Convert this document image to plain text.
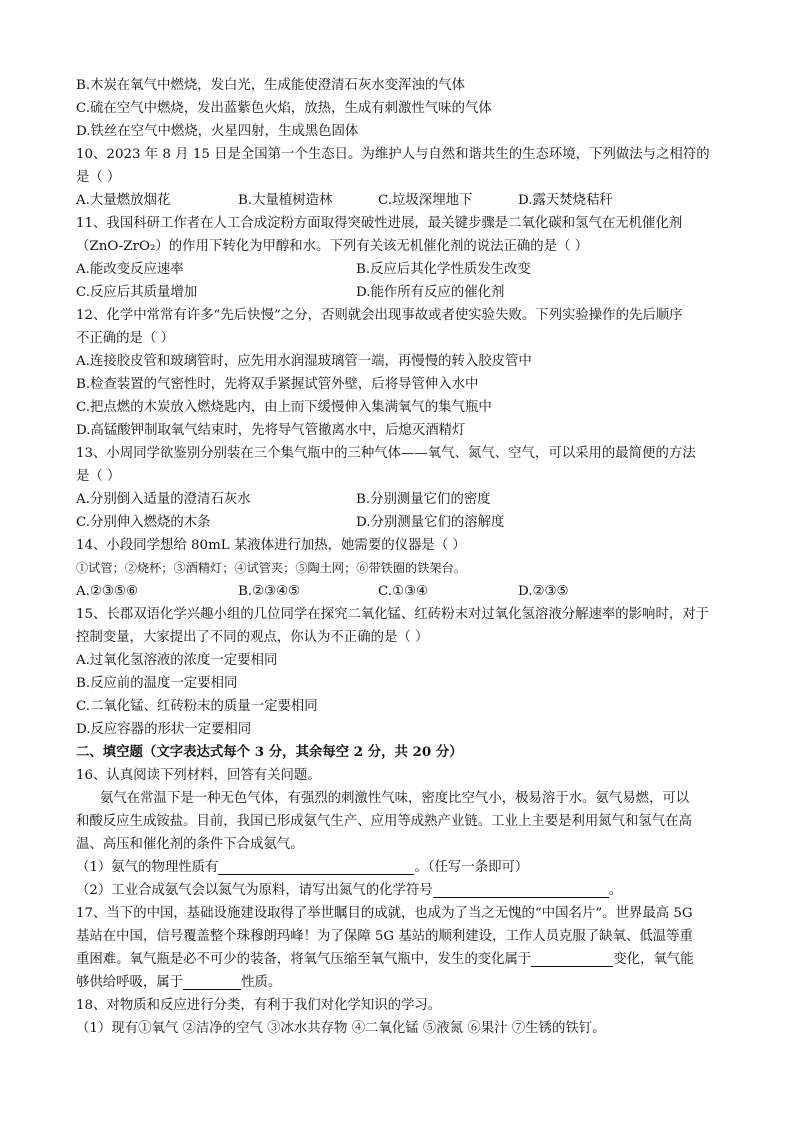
B.木炭在氧气中燃烧，发白光，生成能使澄清石灰水变浑浊的气体
C.硫在空气中燃烧，发出蓝紫色火焰，放热，生成有刺激性气味的气体
D.铁丝在空气中燃烧，火星四射，生成黑色固体
10、2023 年 8 月 15 日是全国第一个生态日。为维护人与自然和谐共生的生态环境，下列做法与之相符的
是（ ）
A.大量燃放烟花	B.大量植树造林	C.垃圾深埋地下	D.露天焚烧秸秆
11、我国科研工作者在人工合成淀粉方面取得突破性进展，最关键步骤是二氧化碳和氢气在无机催化剂
（ZnO-ZrO₂）的作用下转化为甲醇和水。下列有关该无机催化剂的说法正确的是（ ）
A.能改变反应速率	B.反应后其化学性质发生改变
C.反应后其质量增加	D.能作所有反应的催化剂
12、化学中常常有许多“先后快慢”之分，否则就会出现事故或者使实验失败。下列实验操作的先后顺序
不正确的是（ ）
A.连接胶皮管和玻璃管时，应先用水润湿玻璃管一端，再慢慢的转入胶皮管中
B.检查装置的气密性时，先将双手紧握试管外壁，后将导管伸入水中
C.把点燃的木炭放入燃烧匙内，由上而下缓慢伸入集满氧气的集气瓶中
D.高锰酸钾制取氧气结束时，先将导气管撤离水中，后熄灭酒精灯
13、小周同学欲鉴别分别装在三个集气瓶中的三种气体——氧气、氮气、空气，可以采用的最简便的方法
是（ ）
A.分别倒入适量的澄清石灰水	B.分别测量它们的密度
C.分别伸入燃烧的木条	D.分别测量它们的溶解度
14、小段同学想给 80mL 某液体进行加热，她需要的仪器是（ ）
①试管；②烧杯；③酒精灯；④试管夹；⑤陶土网；⑥带铁圈的铁架台。
A.②③⑤⑥	B.②③④⑤	C.①③④	D.②③⑤
15、长郡双语化学兴趣小组的几位同学在探究二氧化锰、红砖粉末对过氧化氢溶液分解速率的影响时，对于
控制变量，大家提出了不同的观点，你认为不正确的是（ ）
A.过氧化氢溶液的浓度一定要相同
B.反应前的温度一定要相同
C.二氧化锰、红砖粉末的质量一定要相同
D.反应容器的形状一定要相同
二、填空题（文字表达式每个 3 分，其余每空 2 分，共 20 分）
16、认真阅读下列材料，回答有关问题。
氨气在常温下是一种无色气体，有强烈的刺激性气味，密度比空气小，极易溶于水。氨气易燃，可以
和酸反应生成铵盐。目前，我国已形成氨气生产、应用等成熟产业链。工业上主要是利用氮气和氢气在高
温、高压和催化剂的条件下合成氨气。
（1）氨气的物理性质有	。（任写一条即可）
（2）工业合成氨气会以氮气为原料，请写出氮气的化学符号	。
17、当下的中国，基础设施建设取得了举世瞩目的成就，也成为了当之无愧的“中国名片”。世界最高 5G
基站在中国，信号覆盖整个珠穆朗玛峰！为了保障 5G 基站的顺利建设，工作人员克服了缺氧、低温等重
重困难。氧气瓶是必不可少的装备，将氧气压缩至氧气瓶中，发生的变化属于	变化，氧气能
够供给呼吸，属于	性质。
18、对物质和反应进行分类，有利于我们对化学知识的学习。
（1）现有①氧气 ②洁净的空气 ③冰水共存物 ④二氧化锰 ⑤液氮 ⑥果汁 ⑦生锈的铁钉。
